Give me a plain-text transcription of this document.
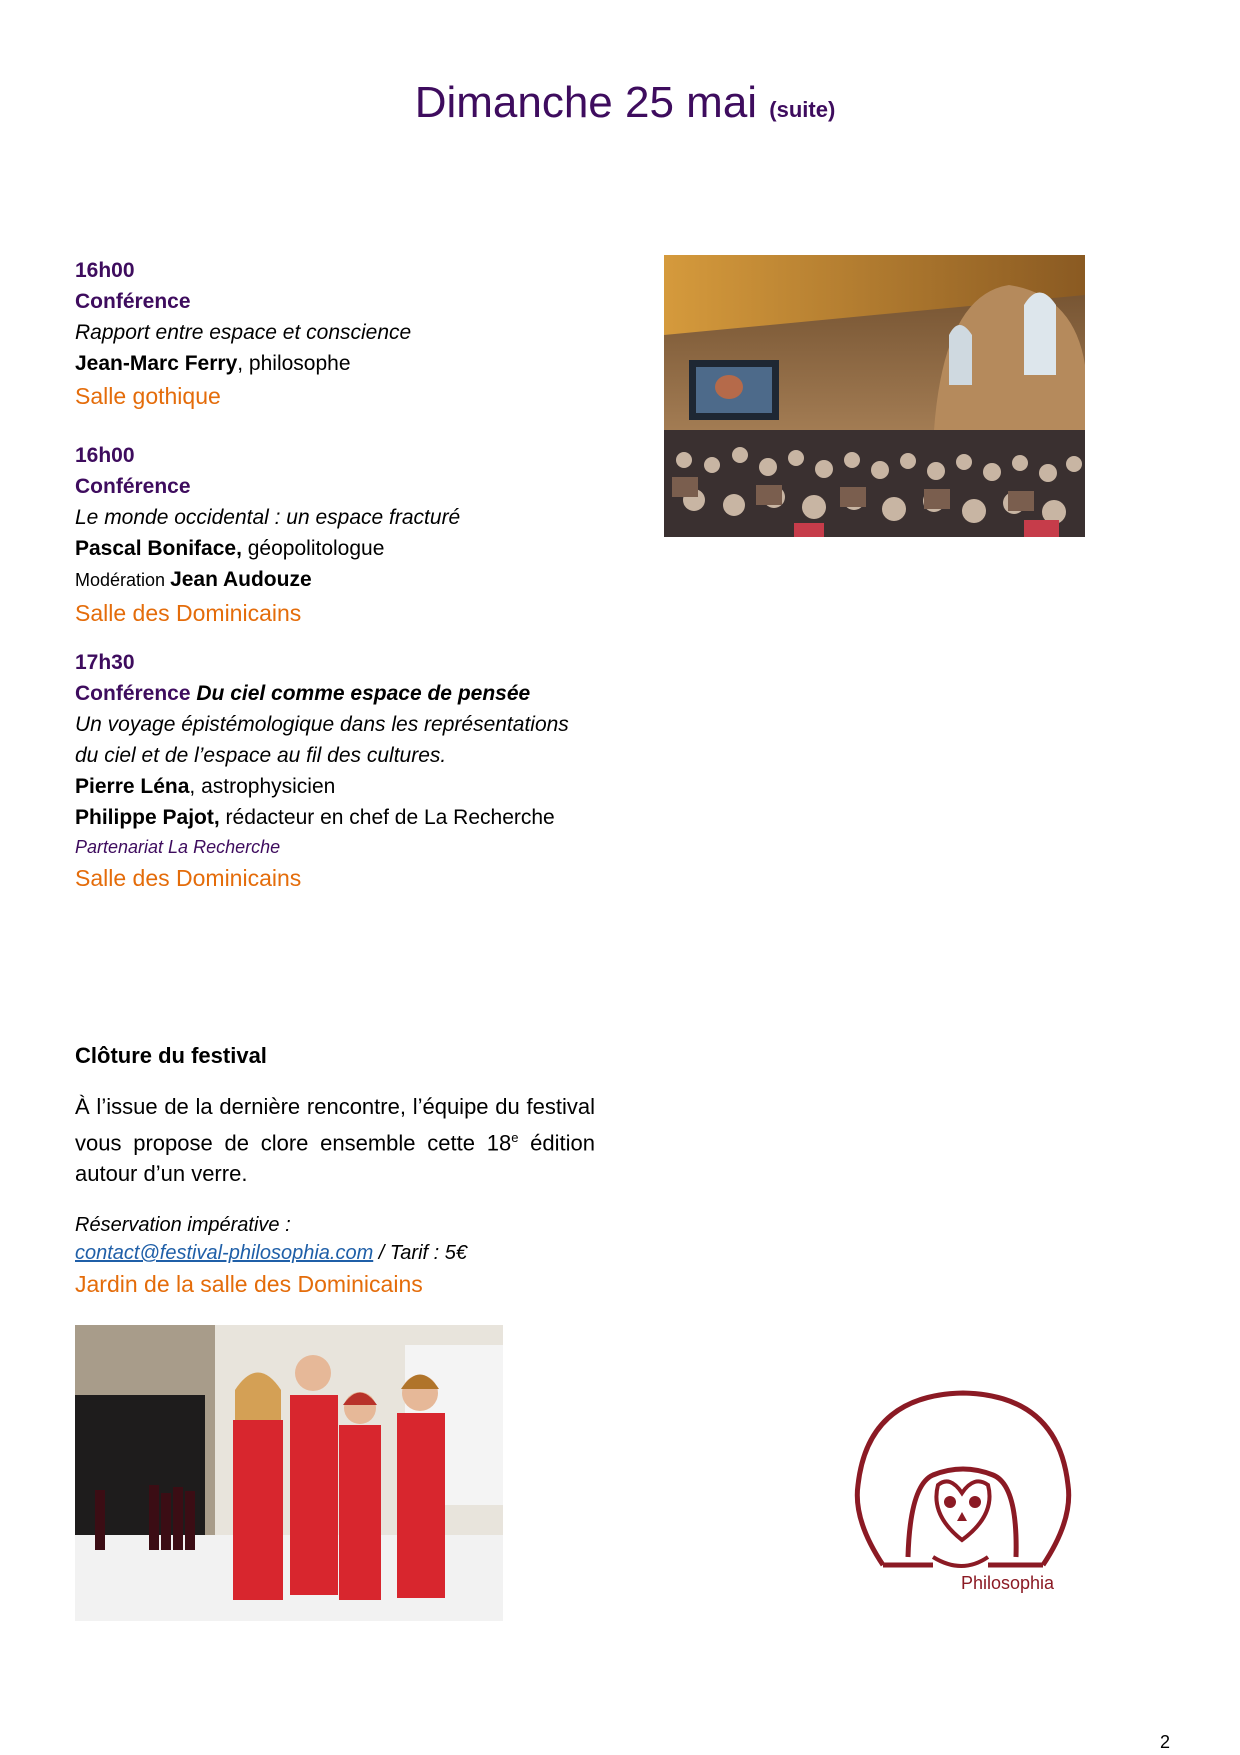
Dimanche 25 mai (suite)
16h00
Conférence
Rapport entre espace et conscience
Jean-Marc Ferry, philosophe
Salle gothique
16h00
Conférence
Le monde occidental : un espace fracturé
Pascal Boniface, géopolitologue
Modération Jean Audouze
Salle des Dominicains
17h30
Conférence Du ciel comme espace de pensée
Un voyage épistémologique dans les représentations
du ciel et de l’espace au fil des cultures.
Pierre Léna, astrophysicien
Philippe Pajot, rédacteur en chef de La Recherche
Partenariat La Recherche
Salle des Dominicains
Clôture du festival

À l’issue de la dernière rencontre, l’équipe du festival vous propose de clore ensemble cette 18e édition autour d’un verre.

Réservation impérative :
contact@festival-philosophia.com / Tarif : 5€
Jardin de la salle des Dominicains
Philosophia
2
